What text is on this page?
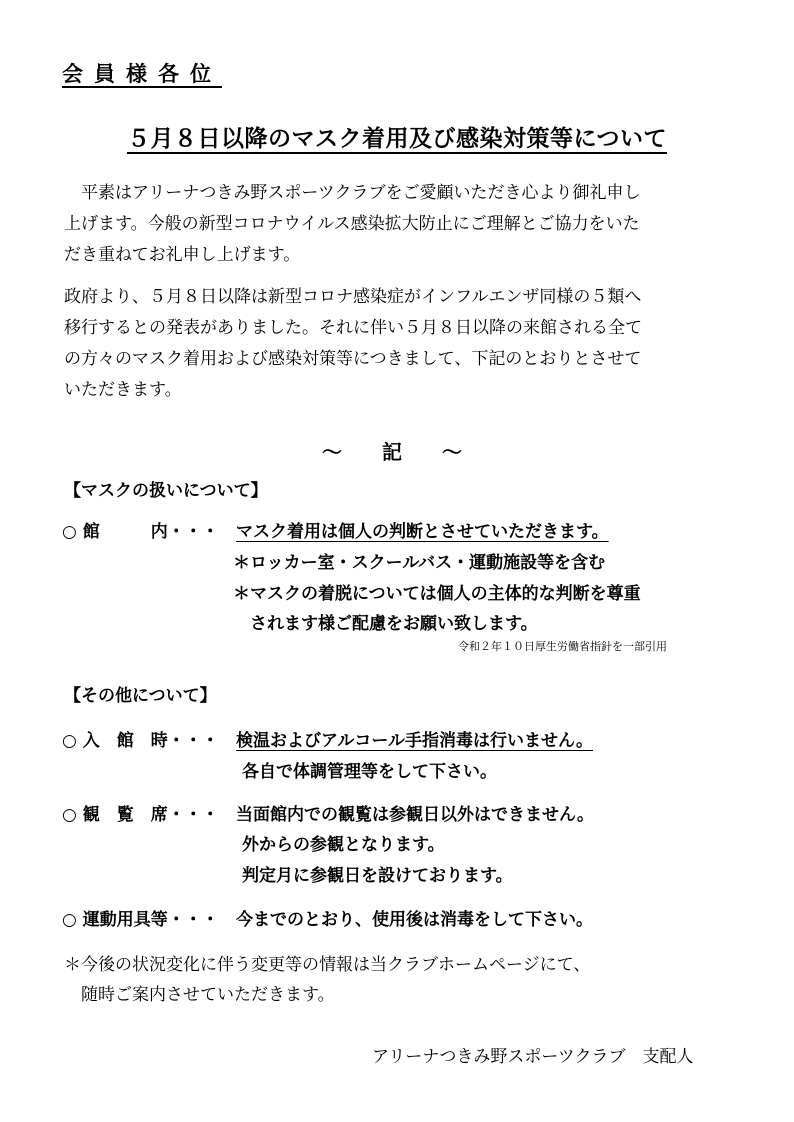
会員様各位
５月８日以降のマスク着用及び感染対策等について
　平素はアリーナつきみ野スポーツクラブをご愛顧いただき心より御礼申し
上げます。今般の新型コロナウイルス感染拡大防止にご理解とご協力をいた
だき重ねてお礼申し上げます。
政府より、５月８日以降は新型コロナ感染症がインフルエンザ同様の５類へ
移行するとの発表がありました。それに伴い５月８日以降の来館される全て
の方々のマスク着用および感染対策等につきまして、下記のとおりとさせて
いただきます。
～　記　～
【マスクの扱いについて】
○ 館　　　内・・・ マスク着用は個人の判断とさせていただきます。
＊ロッカー室・スクールバス・運動施設等を含む
＊マスクの着脱については個人の主体的な判断を尊重
　されます様ご配慮をお願い致します。
令和２年１０日厚生労働省指針を一部引用
【その他について】
○ 入　館　時・・・ 検温およびアルコール手指消毒は行いません。
各自で体調管理等をして下さい。
○ 観　覧　席・・・ 当面館内での観覧は参観日以外はできません。
外からの参観となります。
判定月に参観日を設けております。
○ 運動用具等・・・ 今までのとおり、使用後は消毒をして下さい。
＊今後の状況変化に伴う変更等の情報は当クラブホームページにて、
　随時ご案内させていただきます。
アリーナつきみ野スポーツクラブ　支配人
